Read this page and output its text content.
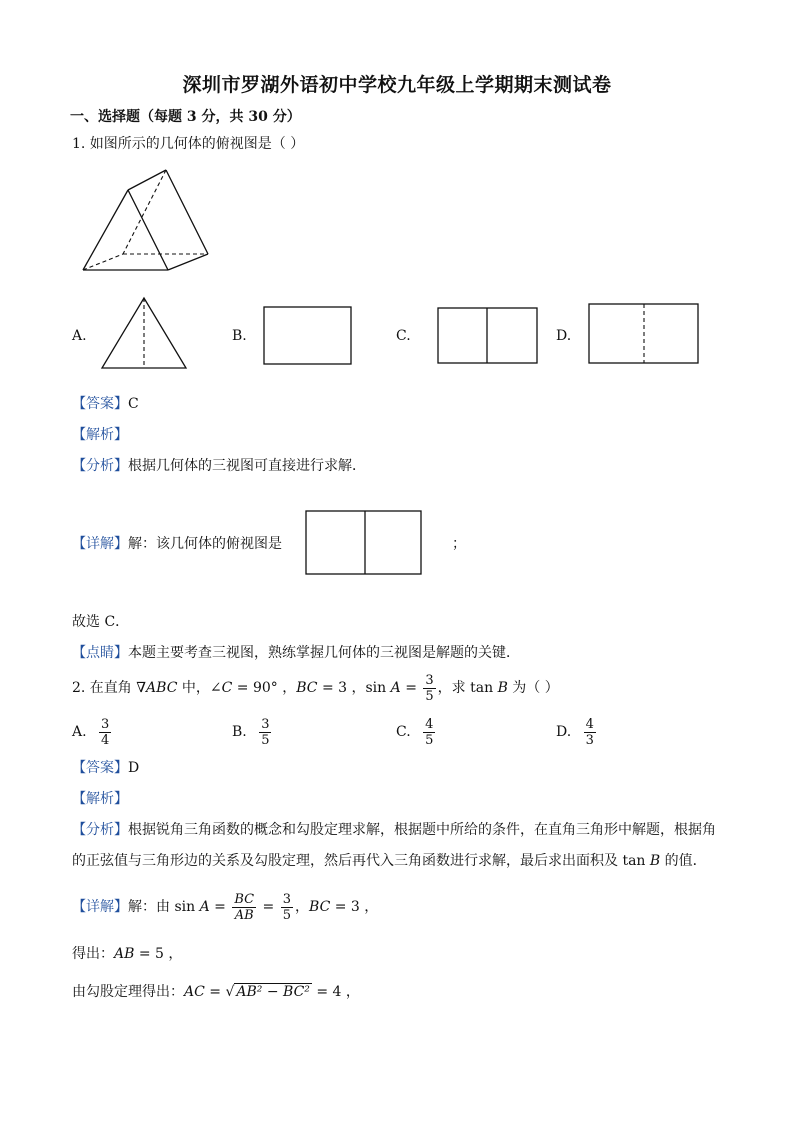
深圳市罗湖外语初中学校九年级上学期期末测试卷
一、选择题（每题 3 分，共 30 分）
1. 如图所示的几何体的俯视图是（ ）
A.	B.	C.	D.
【答案】C
【解析】
【分析】根据几何体的三视图可直接进行求解．
【详解】解：该几何体的俯视图是	；
故选 C．
【点睛】本题主要考查三视图，熟练掌握几何体的三视图是解题的关键．
2. 在直角 ∇ABC 中，∠C = 90° ，BC = 3 ，$\sin A = \frac{3}{5}$ ，求 tan B 为（ ）
A. $\frac{3}{4}$	B. $\frac{3}{5}$	C. $\frac{4}{5}$	D. $\frac{4}{3}$
【答案】D
【解析】
【分析】根据锐角三角函数的概念和勾股定理求解，根据题中所给的条件，在直角三角形中解题，根据角
的正弦值与三角形边的关系及勾股定理，然后再代入三角函数进行求解，最后求出面积及 tan B 的值．
【详解】解：由 $\sin A = \frac{BC}{AB} = \frac{3}{5}$ ，BC = 3 ，
得出：AB = 5 ，
由勾股定理得出：AC = √ AB² − BC² = 4 ，
